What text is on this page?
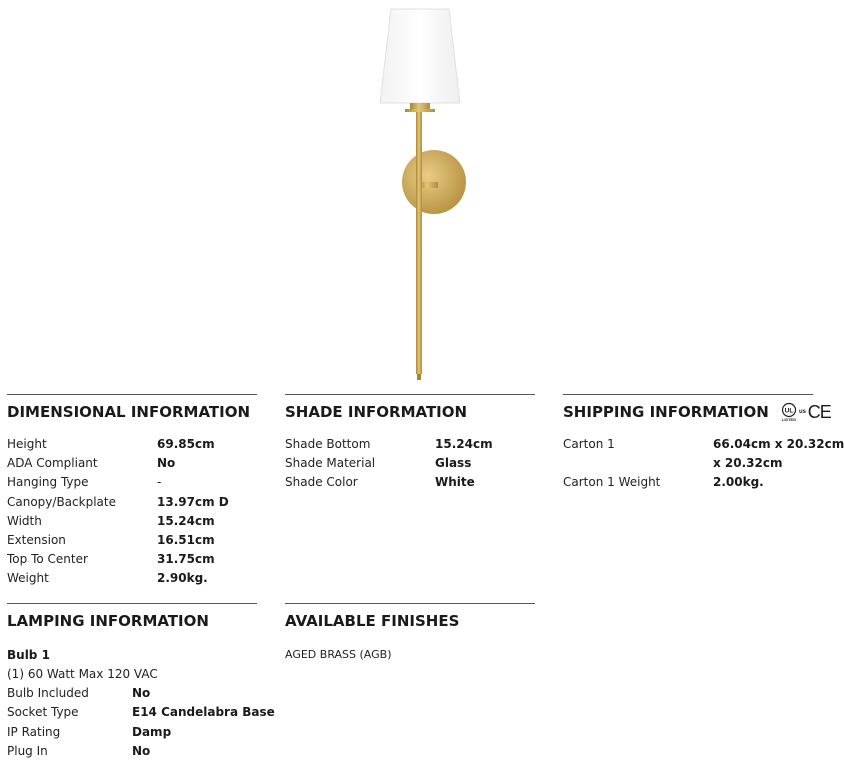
DIMENSIONAL INFORMATION
Height	69.85cm
ADA Compliant	No
Hanging Type	-
Canopy/Backplate	13.97cm D
Width	15.24cm
Extension	16.51cm
Top To Center	31.75cm
Weight	2.90kg.
SHADE INFORMATION
Shade Bottom	15.24cm
Shade Material	Glass
Shade Color	White
SHIPPING INFORMATION UL
LISTED
us CE
Carton 1	66.04cm x 20.32cm
x 20.32cm
Carton 1 Weight	2.00kg.
LAMPING INFORMATION
Bulb 1
(1) 60 Watt Max 120 VAC
Bulb Included	No
Socket Type	E14 Candelabra Base
IP Rating	Damp
Plug In	No
AVAILABLE FINISHES
AGED BRASS (AGB)
